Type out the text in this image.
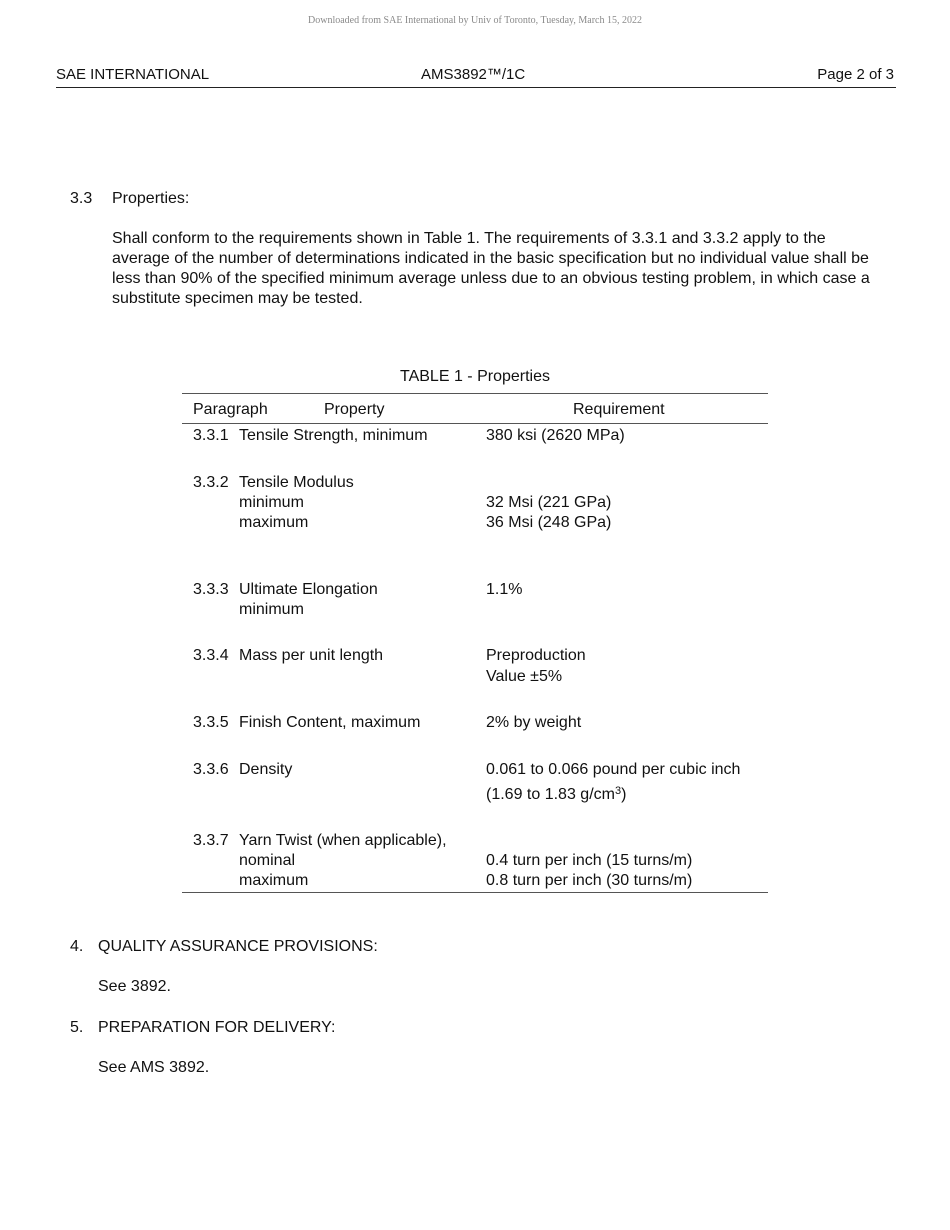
Downloaded from SAE International by Univ of Toronto, Tuesday, March 15, 2022
SAE INTERNATIONAL	AMS3892™/1C	Page 2 of 3
3.3 Properties:
Shall conform to the requirements shown in Table 1. The requirements of 3.3.1 and 3.3.2 apply to the average of the number of determinations indicated in the basic specification but no individual value shall be less than 90% of the specified minimum average unless due to an obvious testing problem, in which case a substitute specimen may be tested.
TABLE 1 - Properties
Paragraph	Property	Requirement
3.3.1 Tensile Strength, minimum	380 ksi (2620 MPa)
3.3.2 Tensile Modulus
minimum	32 Msi (221 GPa)
maximum	36 Msi (248 GPa)
3.3.3 Ultimate Elongation	1.1%
minimum
3.3.4 Mass per unit length	Preproduction
Value ±5%
3.3.5 Finish Content, maximum	2% by weight
3.3.6 Density	0.061 to 0.066 pound per cubic inch
(1.69 to 1.83 $g/cm^3$)
3.3.7 Yarn Twist (when applicable),
nominal	0.4 turn per inch (15 turns/m)
maximum	0.8 turn per inch (30 turns/m)
4. QUALITY ASSURANCE PROVISIONS:
See 3892.
5. PREPARATION FOR DELIVERY:
See AMS 3892.
